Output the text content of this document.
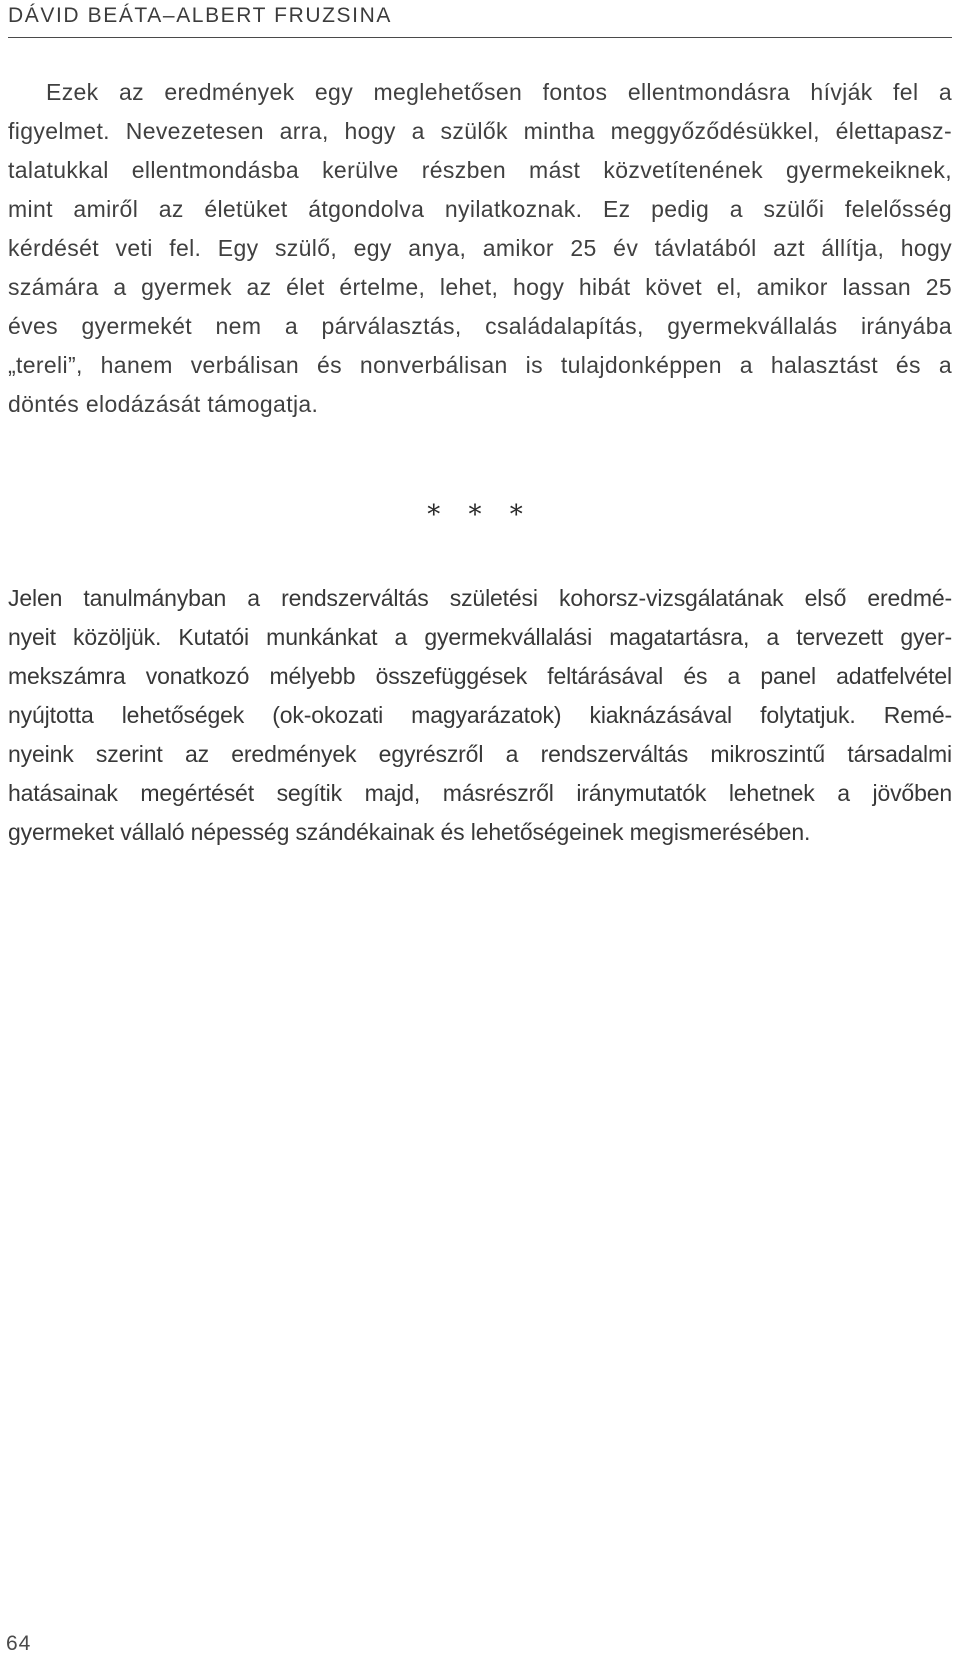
DÁVID BEÁTA–ALBERT FRUZSINA
Ezek az eredmények egy meglehetősen fontos ellentmondásra hívják fel a
figyelmet. Nevezetesen arra, hogy a szülők mintha meggyőződésükkel, élettapasz-
talatukkal ellentmondásba kerülve részben mást közvetítenének gyermekeiknek,
mint amiről az életüket átgondolva nyilatkoznak. Ez pedig a szülői felelősség
kérdését veti fel. Egy szülő, egy anya, amikor 25 év távlatából azt állítja, hogy
számára a gyermek az élet értelme, lehet, hogy hibát követ el, amikor lassan 25
éves gyermekét nem a párválasztás, családalapítás, gyermekvállalás irányába
„tereli”, hanem verbálisan és nonverbálisan is tulajdonképpen a halasztást és a
döntés elodázását támogatja.
* * *
Jelen tanulmányban a rendszerváltás születési kohorsz-vizsgálatának első eredmé-
nyeit közöljük. Kutatói munkánkat a gyermekvállalási magatartásra, a tervezett gyer-
mekszámra vonatkozó mélyebb összefüggések feltárásával és a panel adatfelvétel
nyújtotta lehetőségek (ok-okozati magyarázatok) kiaknázásával folytatjuk. Remé-
nyeink szerint az eredmények egyrészről a rendszerváltás mikroszintű társadalmi
hatásainak megértését segítik majd, másrészről iránymutatók lehetnek a jövőben
gyermeket vállaló népesség szándékainak és lehetőségeinek megismerésében.
64
